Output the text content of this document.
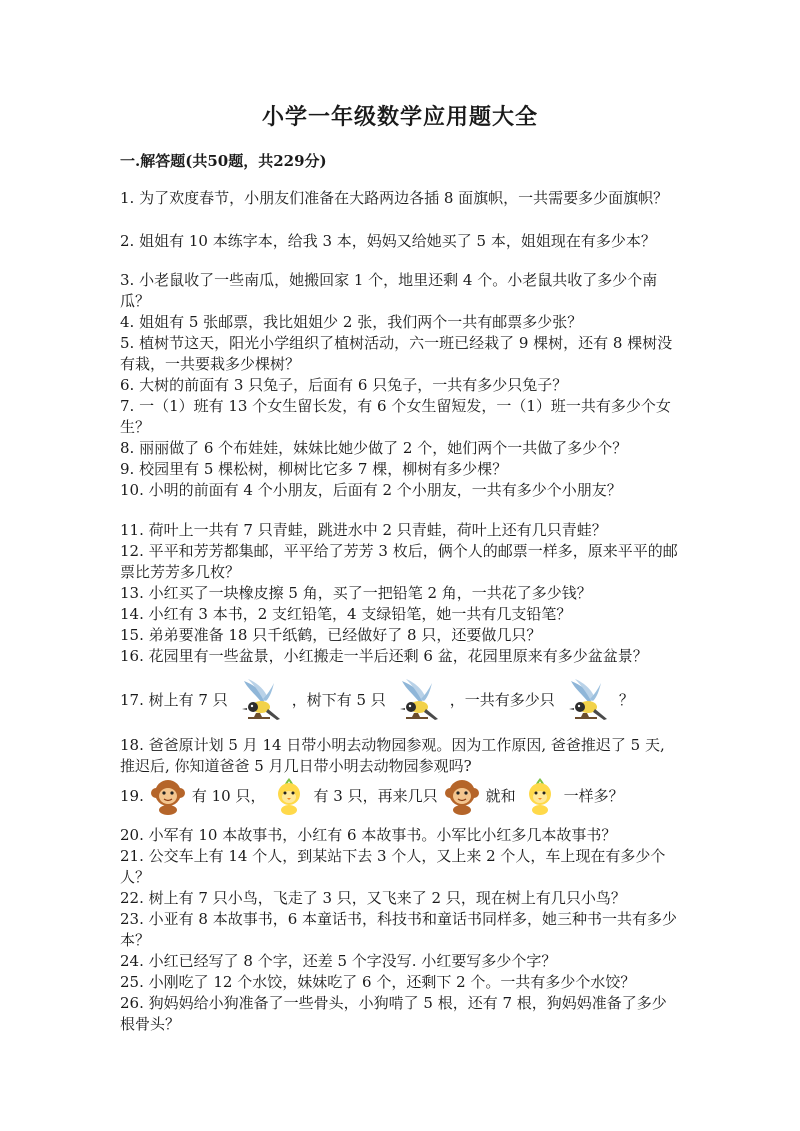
小学一年级数学应用题大全
一.解答题(共50题，共229分)
1. 为了欢度春节，小朋友们准备在大路两边各插 8 面旗帜，一共需要多少面旗帜？
2. 姐姐有 10 本练字本，给我 3 本，妈妈又给她买了 5 本，姐姐现在有多少本？
3. 小老鼠收了一些南瓜，她搬回家 1 个，地里还剩 4 个。小老鼠共收了多少个南瓜？
4. 姐姐有 5 张邮票，我比姐姐少 2 张，我们两个一共有邮票多少张？
5. 植树节这天，阳光小学组织了植树活动，六一班已经栽了 9 棵树，还有 8 棵树没有栽，一共要栽多少棵树？
6. 大树的前面有 3 只兔子，后面有 6 只兔子，一共有多少只兔子？
7. 一（1）班有 13 个女生留长发，有 6 个女生留短发，一（1）班一共有多少个女生？
8. 丽丽做了 6 个布娃娃，妹妹比她少做了 2 个，她们两个一共做了多少个？
9. 校园里有 5 棵松树，柳树比它多 7 棵，柳树有多少棵？
10. 小明的前面有 4 个小朋友，后面有 2 个小朋友，一共有多少个小朋友？
11. 荷叶上一共有 7 只青蛙，跳进水中 2 只青蛙，荷叶上还有几只青蛙？
12. 平平和芳芳都集邮，平平给了芳芳 3 枚后，俩个人的邮票一样多，原来平平的邮票比芳芳多几枚？
13. 小红买了一块橡皮擦 5 角，买了一把铅笔 2 角，一共花了多少钱？
14. 小红有 3 本书，2 支红铅笔，4 支绿铅笔，她一共有几支铅笔？
15. 弟弟要准备 18 只千纸鹤，已经做好了 8 只，还要做几只？
16. 花园里有一些盆景，小红搬走一半后还剩 6 盆，花园里原来有多少盆盆景？
17. 树上有 7 只	，树下有 5 只	，一共有多少只	？
18. 爸爸原计划 5 月 14 日带小明去动物园参观。因为工作原因, 爸爸推迟了 5 天, 推迟后, 你知道爸爸 5 月几日带小明去动物园参观吗?
19.	有 10 只，	有 3 只，再来几只	就和	一样多？
20. 小军有 10 本故事书，小红有 6 本故事书。小军比小红多几本故事书？
21. 公交车上有 14 个人，到某站下去 3 个人，又上来 2 个人，车上现在有多少个人？
22. 树上有 7 只小鸟，飞走了 3 只，又飞来了 2 只，现在树上有几只小鸟？
23. 小亚有 8 本故事书，6 本童话书，科技书和童话书同样多，她三种书一共有多少本？
24. 小红已经写了 8 个字，还差 5 个字没写. 小红要写多少个字？
25. 小刚吃了 12 个水饺，妹妹吃了 6 个，还剩下 2 个。一共有多少个水饺？
26. 狗妈妈给小狗准备了一些骨头，小狗啃了 5 根，还有 7 根，狗妈妈准备了多少根骨头？
